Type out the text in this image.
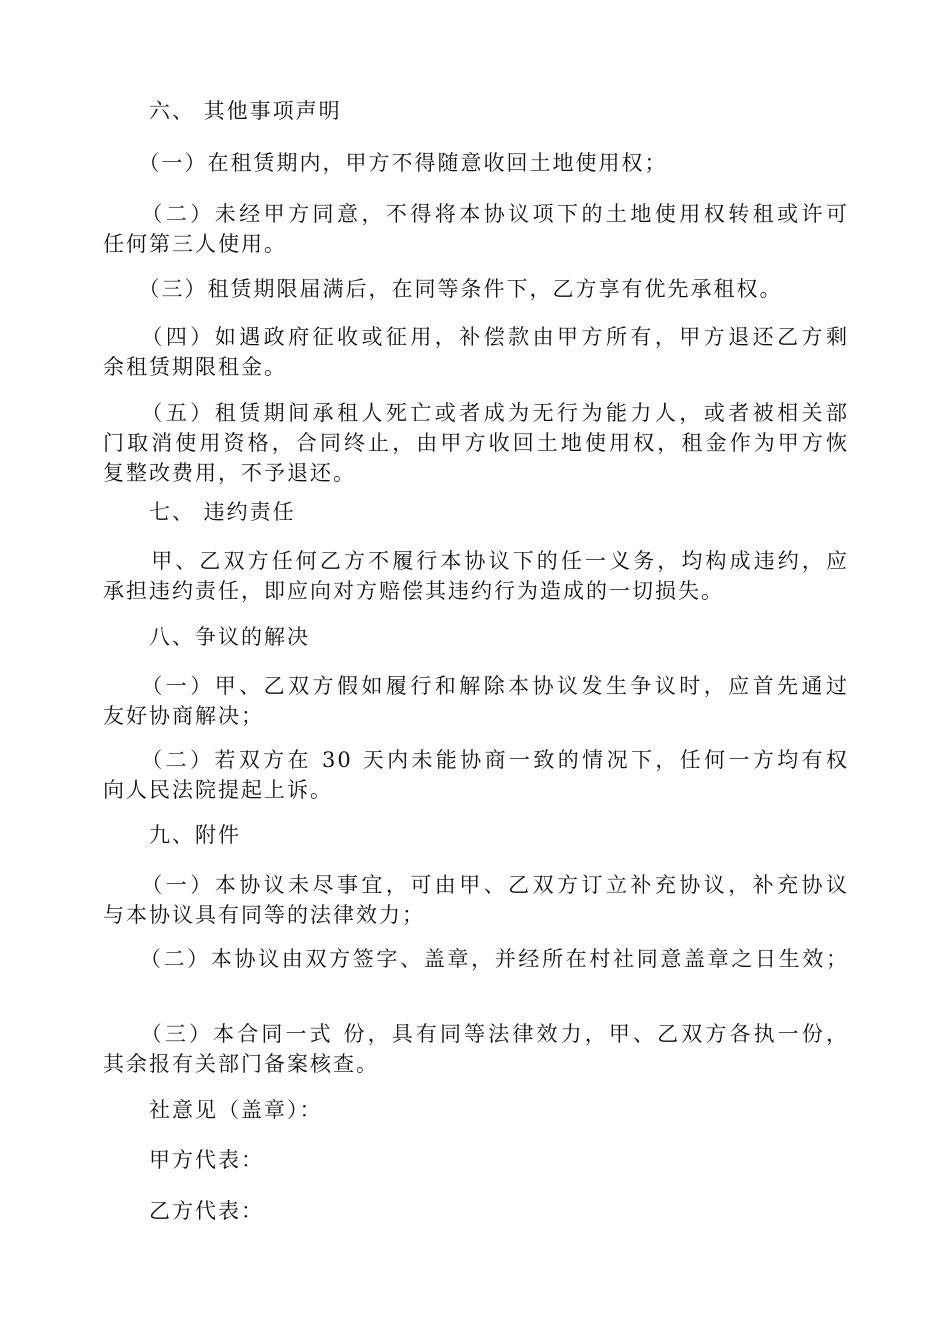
　　六、 其他事项声明
　　（一）在租赁期内，甲方不得随意收回土地使用权；
　　（二）未经甲方同意，不得将本协议项下的土地使用权转租或许可
任何第三人使用。
　　（三）租赁期限届满后，在同等条件下，乙方享有优先承租权。
　　（四）如遇政府征收或征用，补偿款由甲方所有，甲方退还乙方剩
余租赁期限租金。
　　（五）租赁期间承租人死亡或者成为无行为能力人，或者被相关部
门取消使用资格，合同终止，由甲方收回土地使用权，租金作为甲方恢
复整改费用，不予退还。
　　七、 违约责任
　　甲、乙双方任何乙方不履行本协议下的任一义务，均构成违约，应
承担违约责任，即应向对方赔偿其违约行为造成的一切损失。
　　八、争议的解决
　　（一）甲、乙双方假如履行和解除本协议发生争议时，应首先通过
友好协商解决；
　　（二）若双方在 30 天内未能协商一致的情况下，任何一方均有权
向人民法院提起上诉。
　　九、附件
　　（一）本协议未尽事宜，可由甲、乙双方订立补充协议，补充协议
与本协议具有同等的法律效力；
　　（二）本协议由双方签字、盖章，并经所在村社同意盖章之日生效；
　　（三）本合同一式 份，具有同等法律效力，甲、乙双方各执一份，
其余报有关部门备案核查。
　　社意见（盖章）：
　　甲方代表：
　　乙方代表：
